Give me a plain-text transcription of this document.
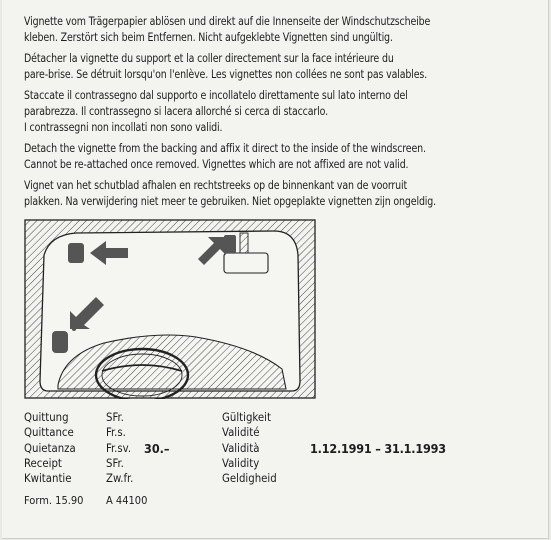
Vignette vom Trägerpapier ablösen und direkt auf die Innenseite der Windschutzscheibe
kleben. Zerstört sich beim Entfernen. Nicht aufgeklebte Vignetten sind ungültig.

Détacher la vignette du support et la coller directement sur la face intérieure du
pare-brise. Se détruit lorsqu'on l'enlève. Les vignettes non collées ne sont pas valables.

Staccate il contrassegno dal supporto e incollatelo direttamente sul lato interno del
parabrezza. Il contrassegno si lacera allorché si cerca di staccarlo.
I contrassegni non incollati non sono validi.

Detach the vignette from the backing and affix it direct to the inside of the windscreen.
Cannot be re-attached once removed. Vignettes which are not affixed are not valid.

Vignet van het schutblad afhalen en rechtstreeks op de binnenkant van de voorruit
plakken. Na verwijdering niet meer te gebruiken. Niet opgeplakte vignetten zijn ongeldig.

Quittung
Quittance
Quietanza
Receipt
Kwitantie
SFr.
Fr.s.
Fr.sv.
SFr.
Zw.fr.
30.–
Gültigkeit
Validité
Validità
Validity
Geldigheid
1.12.1991 – 31.1.1993
Form. 15.90 A 44100
